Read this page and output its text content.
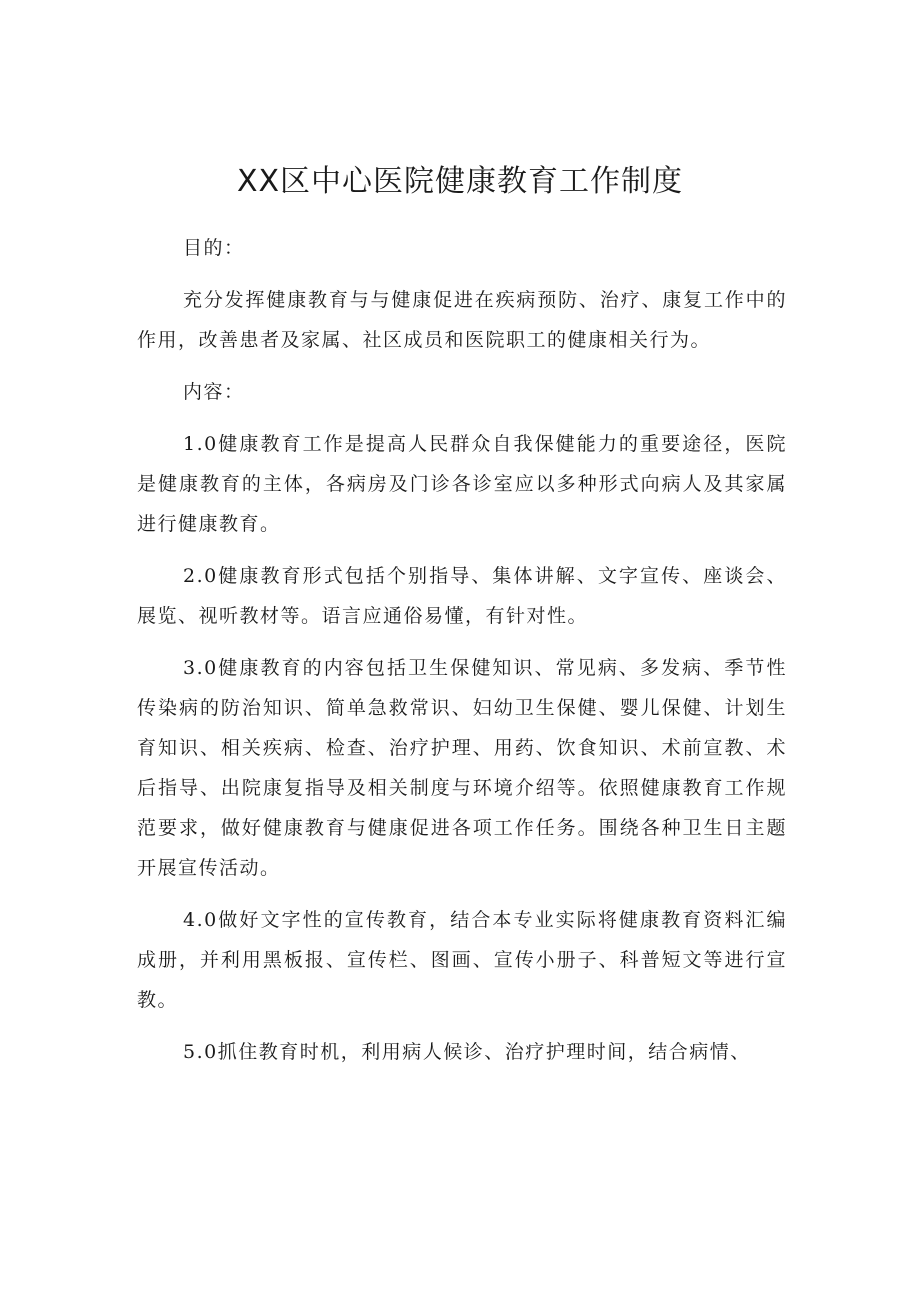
XX区中心医院健康教育工作制度

目的：

充分发挥健康教育与与健康促进在疾病预防、治疗、康复工作中的作用，改善患者及家属、社区成员和医院职工的健康相关行为。

内容：

1.0健康教育工作是提高人民群众自我保健能力的重要途径，医院是健康教育的主体，各病房及门诊各诊室应以多种形式向病人及其家属进行健康教育。

2.0健康教育形式包括个别指导、集体讲解、文字宣传、座谈会、展览、视听教材等。语言应通俗易懂，有针对性。

3.0健康教育的内容包括卫生保健知识、常见病、多发病、季节性传染病的防治知识、简单急救常识、妇幼卫生保健、婴儿保健、计划生育知识、相关疾病、检查、治疗护理、用药、饮食知识、术前宣教、术后指导、出院康复指导及相关制度与环境介绍等。依照健康教育工作规范要求，做好健康教育与健康促进各项工作任务。围绕各种卫生日主题开展宣传活动。

4.0做好文字性的宣传教育，结合本专业实际将健康教育资料汇编成册，并利用黑板报、宣传栏、图画、宣传小册子、科普短文等进行宣教。

5.0抓住教育时机，利用病人候诊、治疗护理时间，结合病情、
